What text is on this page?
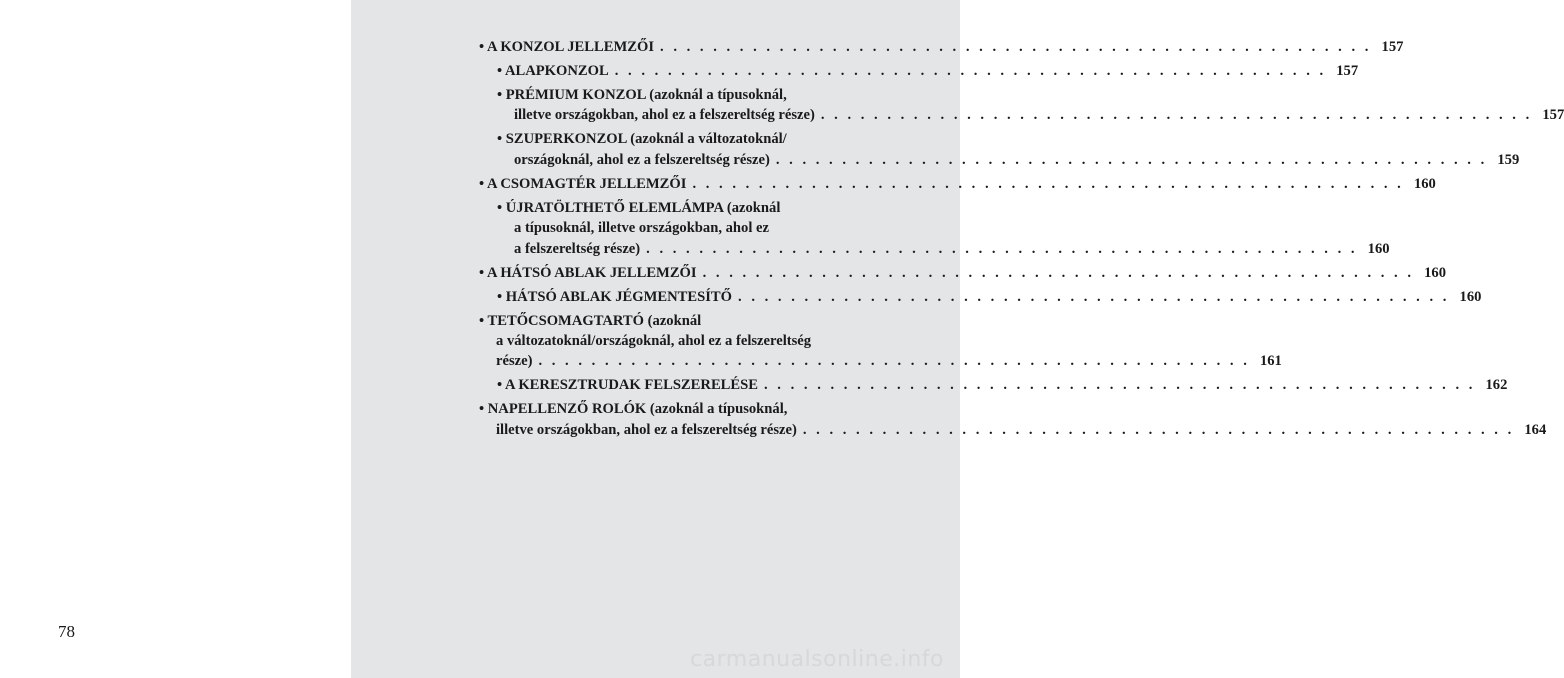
78
• A KONZOL JELLEMZŐI . . . . . . . . . . . . . . . . . . . . . . . . . . . . . . . . . . . . . . . . . . . . . . . . . . . . . . 157
• ALAPKONZOL . . . . . . . . . . . . . . . . . . . . . . . . . . . . . . . . . . . . . . . . . . . . . . . . . . . . . . 157
• PRÉMIUM KONZOL (azoknál a típusoknál,
illetve országokban, ahol ez a felszereltség része) . . . . . . . . . . . . . . . . . . . . . . . . . . . . . . . . . . . . . . . . . . . . . . . . . . . . . . 157
• SZUPERKONZOL (azoknál a változatoknál/
országoknál, ahol ez a felszereltség része) . . . . . . . . . . . . . . . . . . . . . . . . . . . . . . . . . . . . . . . . . . . . . . . . . . . . . . 159
• A CSOMAGTÉR JELLEMZŐI . . . . . . . . . . . . . . . . . . . . . . . . . . . . . . . . . . . . . . . . . . . . . . . . . . . . . . 160
• ÚJRATÖLTHETŐ ELEMLÁMPA (azoknál
a típusoknál, illetve országokban, ahol ez
a felszereltség része) . . . . . . . . . . . . . . . . . . . . . . . . . . . . . . . . . . . . . . . . . . . . . . . . . . . . . . 160
• A HÁTSÓ ABLAK JELLEMZŐI . . . . . . . . . . . . . . . . . . . . . . . . . . . . . . . . . . . . . . . . . . . . . . . . . . . . . . 160
• HÁTSÓ ABLAK JÉGMENTESÍTŐ . . . . . . . . . . . . . . . . . . . . . . . . . . . . . . . . . . . . . . . . . . . . . . . . . . . . . . 160
• TETŐCSOMAGTARTÓ (azoknál
a változatoknál/országoknál, ahol ez a felszereltség
része) . . . . . . . . . . . . . . . . . . . . . . . . . . . . . . . . . . . . . . . . . . . . . . . . . . . . . . 161
• A KERESZTRUDAK FELSZERELÉSE . . . . . . . . . . . . . . . . . . . . . . . . . . . . . . . . . . . . . . . . . . . . . . . . . . . . . . 162
• NAPELLENZŐ ROLÓK (azoknál a típusoknál,
illetve országokban, ahol ez a felszereltség része) . . . . . . . . . . . . . . . . . . . . . . . . . . . . . . . . . . . . . . . . . . . . . . . . . . . . . . 164
carmanualsonline.info
